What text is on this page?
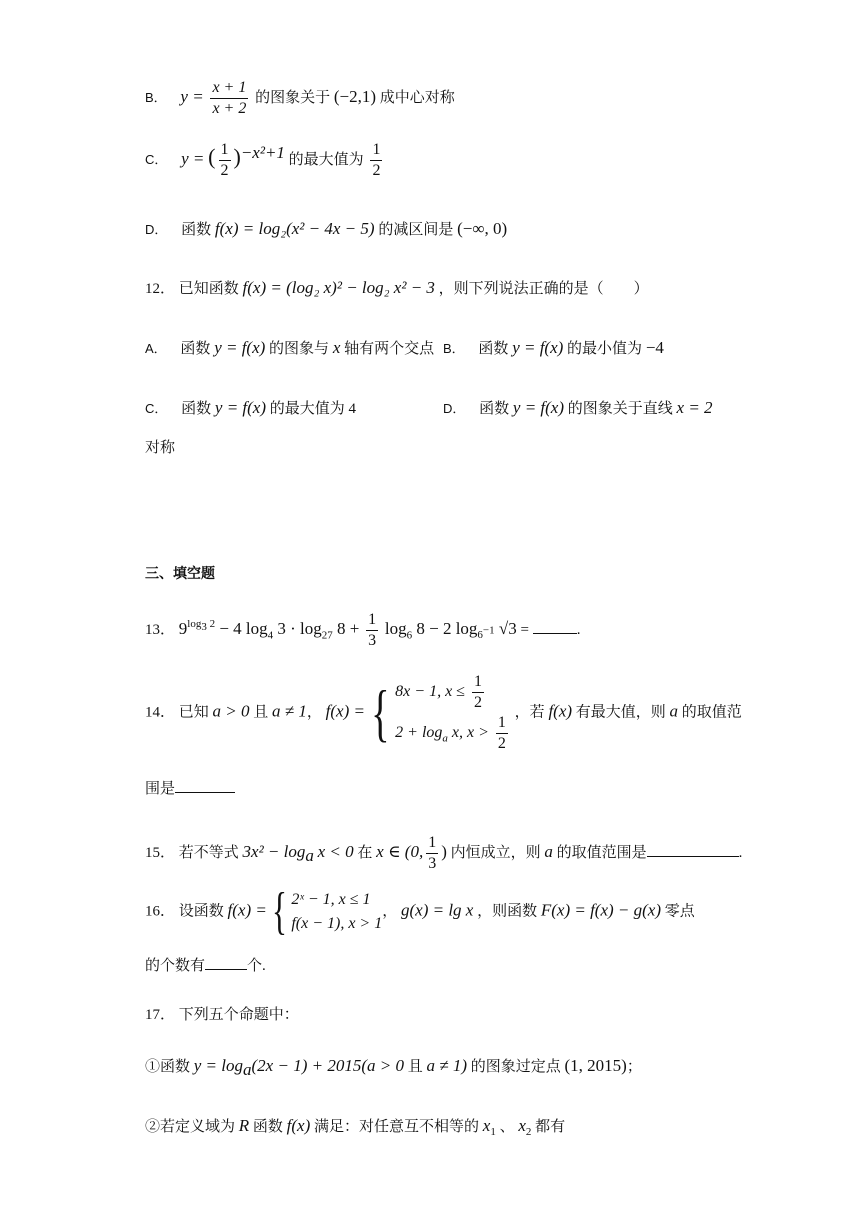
B． $y = \frac{x + 1}{x + 2}$ 的图象关于 (−2,1) 成中心对称
C． y = ( $\frac{1}{2} )^{-x^2+1}$ 的最大值为 $\frac{1}{2}$
D． 函数 f(x) = log₂(x² − 4x − 5) 的减区间是 (−∞, 0)
12． 已知函数 f(x) = (log₂ x)² − log₂ x² − 3 ，则下列说法正确的是（　　）
A． 函数 y = f(x) 的图象与 x 轴有两个交点 B． 函数 y = f(x) 的最小值为 −4
C． 函数 y = f(x) 的最大值为 4	D． 函数 y = f(x) 的图象关于直线 x = 2
对称
三、填空题
13． $9^{log_3 2} - 4$ $\log_4 3 \cdot \log_{27} 8 + \frac{1}{3} \log_6 8 - 2$ $\log_{6^{-1}} √3$ =	.
14． 已知 a > 0 且 a ≠ 1， f(x) = { 8x − 1, $x \le \frac{1}{2}$
$2 + \log_a x$, $x > \frac{1}{2}$
，若 f(x) 有最大值，则 a 的取值范
围是
15． 若不等式 $3x^2 - \log_a x < 0$ 在 x ∈ (0, $\frac{1}{3}$ ) 内恒成立，则 a 的取值范围是	.
16． 设函数 f(x) = { 2ˣ − 1, x ≤ 1
f(x − 1), x > 1
， g(x) = lg x ，则函数 F(x) = f(x) − g(x) 零点
的个数有	个.
17． 下列五个命题中：
①函数 $y = \log_a(2x - 1) + 2015(a > 0$ 且 a ≠ 1) 的图象过定点 (1, 2015)；
②若定义域为 R 函数 f(x) 满足：对任意互不相等的 $x_1$ 、 $x_2$ 都有
